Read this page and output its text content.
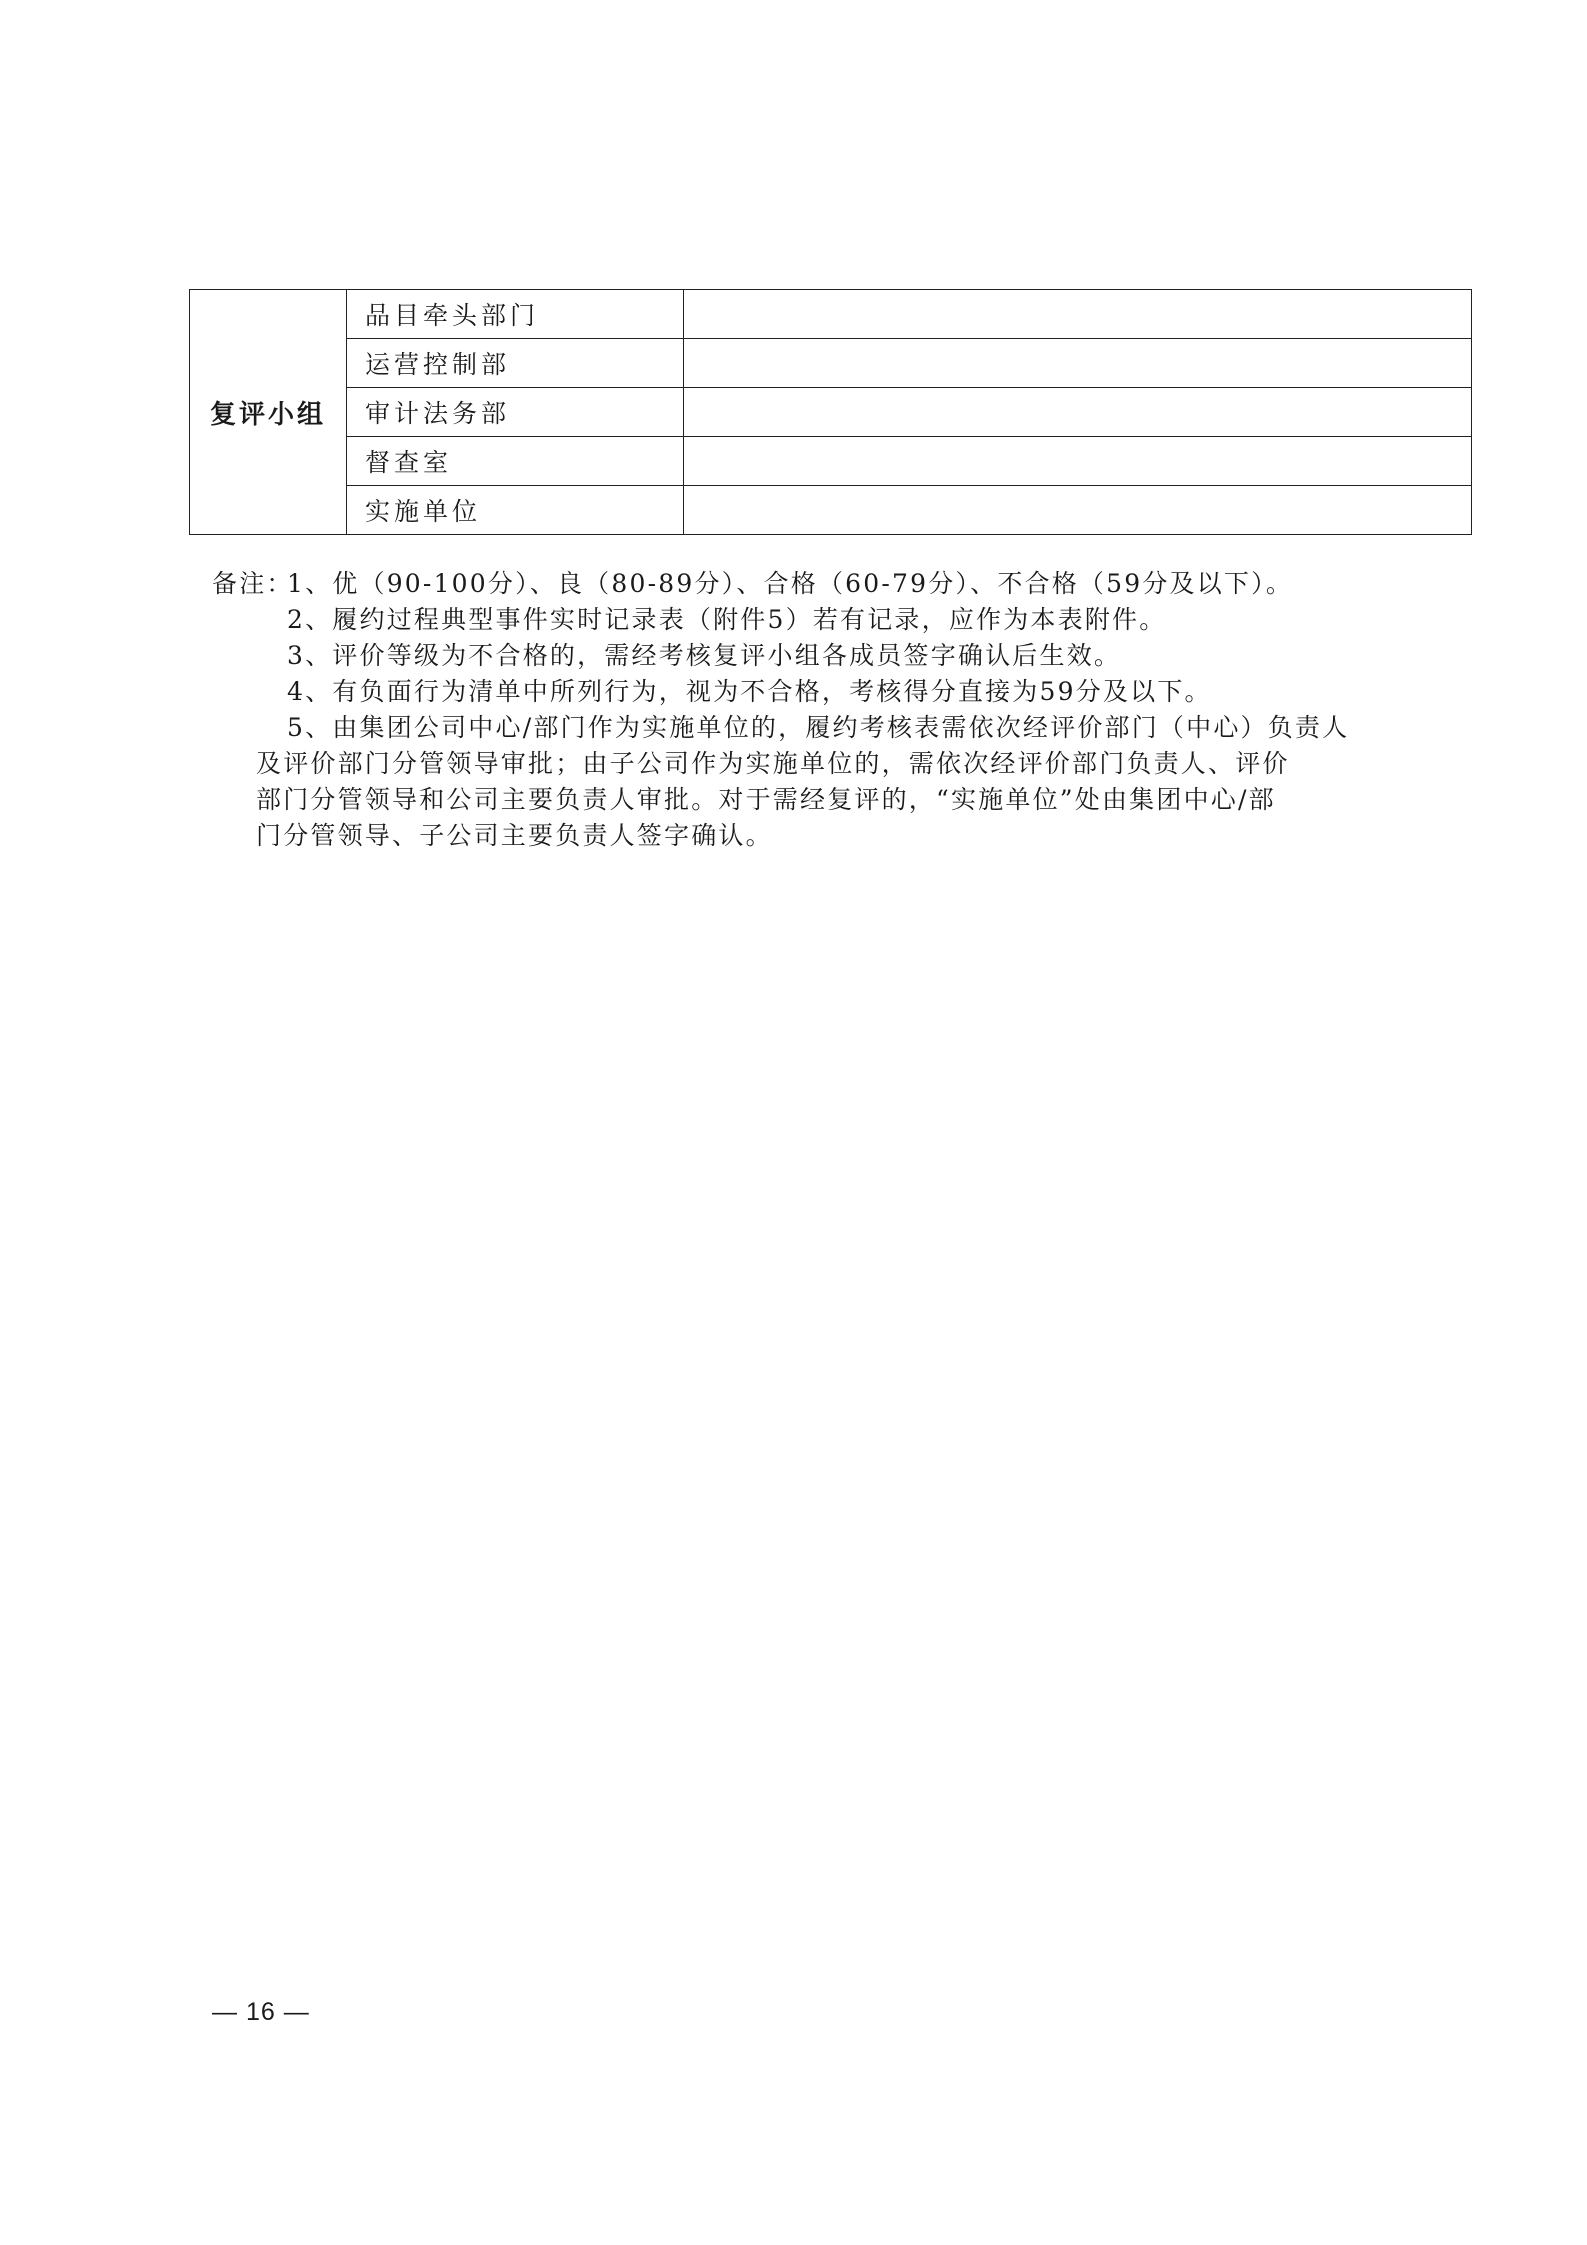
复评小组	品目牵头部门	
	运营控制部	
	审计法务部	
	督查室	
	实施单位	
备注：
1、优（90-100分）、良（80-89分）、合格（60-79分）、不合格（59分及以下）。
2、履约过程典型事件实时记录表（附件5）若有记录，应作为本表附件。
3、评价等级为不合格的，需经考核复评小组各成员签字确认后生效。
4、有负面行为清单中所列行为，视为不合格，考核得分直接为59分及以下。
5、由集团公司中心/部门作为实施单位的，履约考核表需依次经评价部门（中心）负责人
及评价部门分管领导审批；由子公司作为实施单位的，需依次经评价部门负责人、评价
部门分管领导和公司主要负责人审批。对于需经复评的，“实施单位”处由集团中心/部
门分管领导、子公司主要负责人签字确认。
— 16 —
